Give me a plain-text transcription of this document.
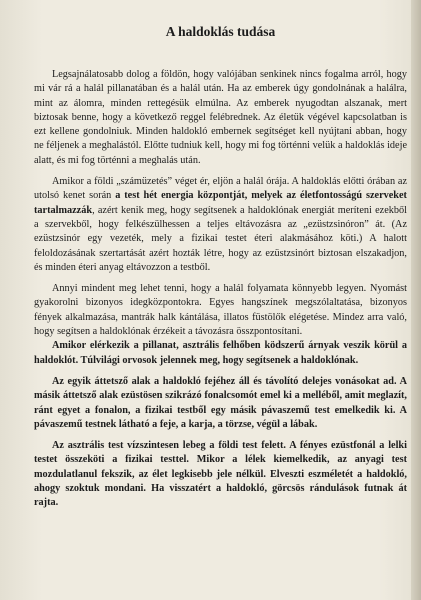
A haldoklás tudása

Legsajnálatosabb dolog a földön, hogy valójában senkinek nincs fogalma arról, hogy mi vár rá a halál pillanatában és a halál után. Ha az emberek úgy gondolnának a halálra, mint az álomra, minden rettegésük elmúlna. Az emberek nyugodtan alszanak, mert biztosak benne, hogy a következő reggel felébrednek. Az életük végével kapcsolatban is ezt kellene gondolniuk. Minden haldokló embernek segítséget kell nyújtani abban, hogy ne féljenek a meghalástól. Előtte tudniuk kell, hogy mi fog történni velük a haldoklás ideje alatt, és mi fog történni a meghalás után.

Amikor a földi „számüzetés” véget ér, eljön a halál órája. A haldoklás előtti órában az utolsó kenet során a test hét energia központját, melyek az életfontosságú szerveket tartalmazzák, azért kenik meg, hogy segítsenek a haldoklónak energiát meríteni ezekből a szervekből, hogy felkészülhessen a teljes eltávozásra az „ezüstzsinóron” át. (Az ezüstzsinór egy vezeték, mely a fizikai testet éteri alakmásához köti.) A halott feloldozásának szertartását azért hozták létre, hogy az ezüstzsinórt biztosan elszakadjon, és minden éteri anyag eltávozzon a testből.

Annyi mindent meg lehet tenni, hogy a halál folyamata könnyebb legyen. Nyomást gyakorolni bizonyos idegközpontokra. Egyes hangszínek megszólaltatása, bizonyos fények alkalmazása, mantrák halk kántálása, illatos füstölők elégetése. Mindez arra való, hogy segítsen a haldoklónak érzékeit a távozásra összpontosítani.

Amikor elérkezik a pillanat, asztrális felhőben ködszerű árnyak veszik körül a haldoklót. Túlvilági orvosok jelennek meg, hogy segítsenek a haldoklónak.

Az egyik áttetsző alak a haldokló fejéhez áll és távolító delejes vonásokat ad. A másik áttetsző alak ezüstösen szikrázó fonalcsomót emel ki a melléből, amit meglazít, ránt egyet a fonalon, a fizikai testből egy másik pávaszemű test emelkedik ki. A pávaszemű testnek látható a feje, a karja, a törzse, végül a lábak.

Az asztrális test vízszintesen lebeg a földi test felett. A fényes ezüstfonál a lelki testet összeköti a fizikai testtel. Mikor a lélek kiemelkedik, az anyagi test mozdulatlanul fekszik, az élet legkisebb jele nélkül. Elveszti eszméletét a haldokló, ahogy szoktuk mondani. Ha visszatért a haldokló, görcsös rándulások futnak át rajta.
